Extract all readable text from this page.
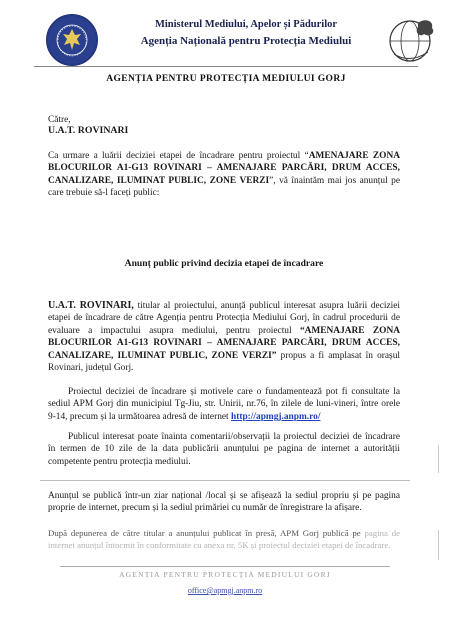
Ministerul Mediului, Apelor și Pădurilor
Agenția Națională pentru Protecția Mediului
AGENȚIA PENTRU PROTECȚIA MEDIULUI GORJ
Către,
U.A.T. ROVINARI
Ca urmare a luării deciziei etapei de încadrare pentru proiectul “AMENAJARE ZONA BLOCURILOR A1-G13 ROVINARI – AMENAJARE PARCĂRI, DRUM ACCES, CANALIZARE, ILUMINAT PUBLIC, ZONE VERZI”, vă înaintăm mai jos anunțul pe care trebuie să-l faceți public:
Anunț public privind decizia etapei de încadrare
U.A.T. ROVINARI, titular al proiectului, anunță publicul interesat asupra luării deciziei etapei de încadrare de către Agenția pentru Protecția Mediului Gorj, în cadrul procedurii de evaluare a impactului asupra mediului, pentru proiectul “AMENAJARE ZONA BLOCURILOR A1-G13 ROVINARI – AMENAJARE PARCĂRI, DRUM ACCES, CANALIZARE, ILUMINAT PUBLIC, ZONE VERZI” propus a fi amplasat în orașul Rovinari, județul Gorj.
Proiectul deciziei de încadrare și motivele care o fundamentează pot fi consultate la sediul APM Gorj din municipiul Tg-Jiu, str. Unirii, nr.76, în zilele de luni-vineri, între orele 9-14, precum și la următoarea adresă de internet http://apmgj.anpm.ro/
Publicul interesat poate înainta comentarii/observații la proiectul deciziei de încadrare în termen de 10 zile de la data publicării anunțului pe pagina de internet a autorității competente pentru protecția mediului.
Anunțul se publică într-un ziar național /local și se afișează la sediul propriu și pe pagina proprie de internet, precum și la sediul primăriei cu număr de înregistrare la afișare.
După depunerea de către titular a anunțului publicat în presă, APM Gorj publică pe pagina de internet anunțul întocmit în conformitate cu anexa nr. 5K și proiectul deciziei etapei de încadrare.
AGENȚIA PENTRU PROTECȚIA MEDIULUI GORJ
office@apmgj.anpm.ro
